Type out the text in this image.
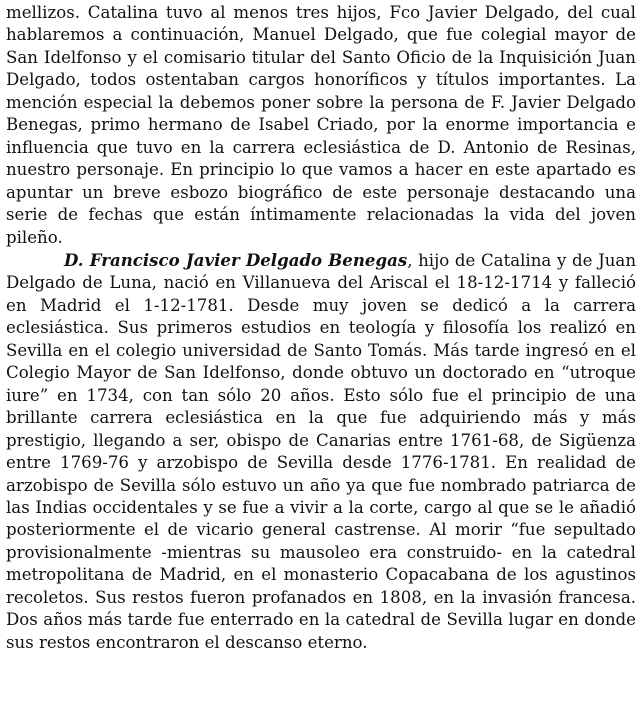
mellizos. Catalina tuvo al menos tres hijos, Fco Javier Delgado, del cual hablaremos a continuación, Manuel Delgado, que fue colegial mayor de San Idelfonso y el comisario titular del Santo Oficio de la Inquisición Juan Delgado, todos ostentaban cargos honoríficos y títulos importantes. La mención especial la debemos poner sobre la persona de F. Javier Delgado Benegas, primo hermano de Isabel Criado, por la enorme importancia e influencia que tuvo en la carrera eclesiástica de D. Antonio de Resinas, nuestro personaje. En principio lo que vamos a hacer en este apartado es apuntar un breve esbozo biográfico de este personaje destacando una serie de fechas que están íntimamente relacionadas la vida del joven pileño.

D. Francisco Javier Delgado Benegas, hijo de Catalina y de Juan Delgado de Luna, nació en Villanueva del Ariscal el 18-12-1714 y falleció en Madrid el 1-12-1781. Desde muy joven se dedicó a la carrera eclesiástica. Sus primeros estudios en teología y filosofía los realizó en Sevilla en el colegio universidad de Santo Tomás. Más tarde ingresó en el Colegio Mayor de San Idelfonso, donde obtuvo un doctorado en “utroque iure” en 1734, con tan sólo 20 años. Esto sólo fue el principio de una brillante carrera eclesiástica en la que fue adquiriendo más y más prestigio, llegando a ser, obispo de Canarias entre 1761-68, de Sigüenza entre 1769-76 y arzobispo de Sevilla desde 1776-1781. En realidad de arzobispo de Sevilla sólo estuvo un año ya que fue nombrado patriarca de las Indias occidentales y se fue a vivir a la corte, cargo al que se le añadió posteriormente el de vicario general castrense. Al morir “fue sepultado provisionalmente -mientras su mausoleo era construido- en la catedral metropolitana de Madrid, en el monasterio Copacabana de los agustinos recoletos. Sus restos fueron profanados en 1808, en la invasión francesa. Dos años más tarde fue enterrado en la catedral de Sevilla lugar en donde sus restos encontraron el descanso eterno.
